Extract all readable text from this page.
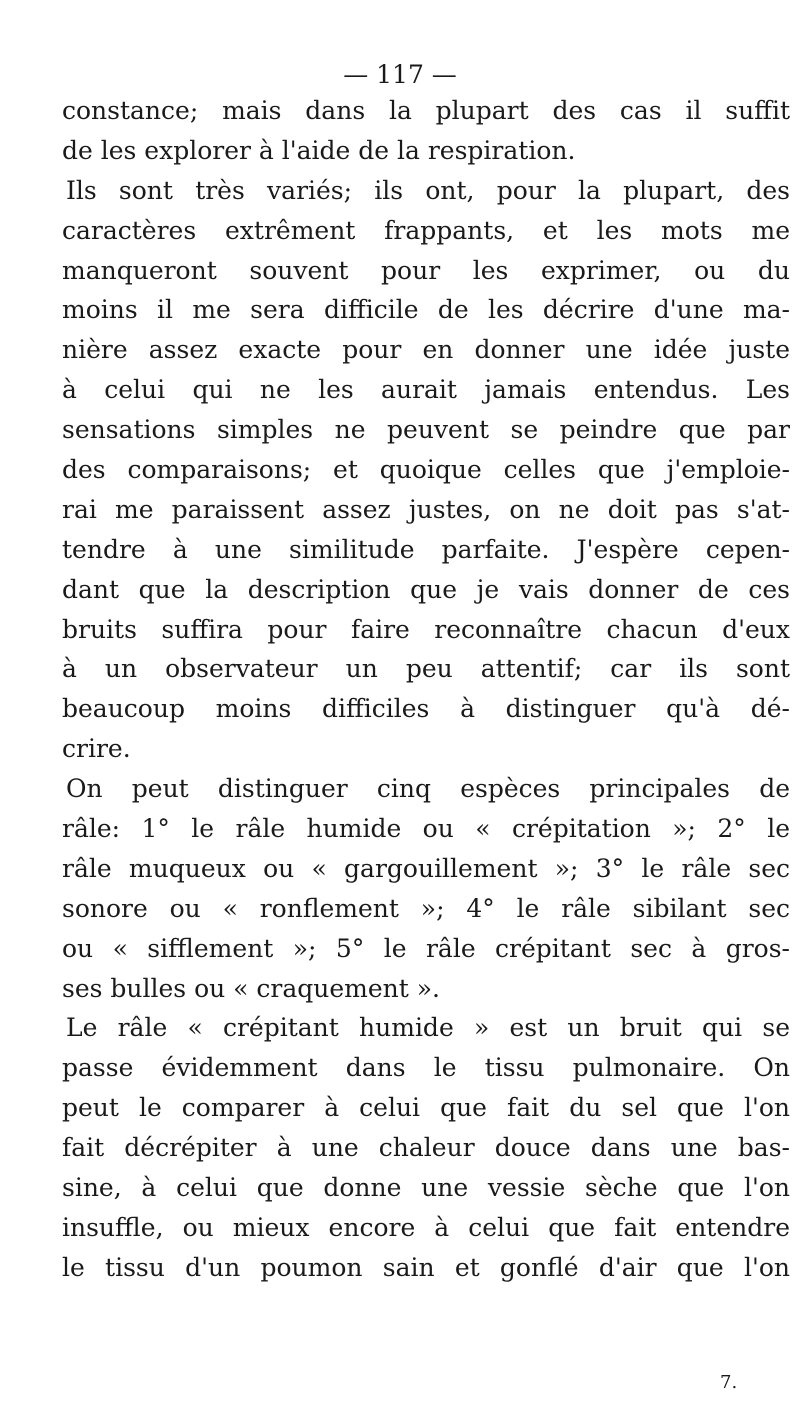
— 117 —
constance; mais dans la plupart des cas il suffit
de les explorer à l'aide de la respiration.
Ils sont très variés; ils ont, pour la plupart, des
caractères extrêment frappants, et les mots me
manqueront souvent pour les exprimer, ou du
moins il me sera difficile de les décrire d'une ma-
nière assez exacte pour en donner une idée juste
à celui qui ne les aurait jamais entendus. Les
sensations simples ne peuvent se peindre que par
des comparaisons; et quoique celles que j'emploie-
rai me paraissent assez justes, on ne doit pas s'at-
tendre à une similitude parfaite. J'espère cepen-
dant que la description que je vais donner de ces
bruits suffira pour faire reconnaître chacun d'eux
à un observateur un peu attentif; car ils sont
beaucoup moins difficiles à distinguer qu'à dé-
crire.
On peut distinguer cinq espèces principales de
râle: 1° le râle humide ou « crépitation »; 2° le
râle muqueux ou « gargouillement »; 3° le râle sec
sonore ou « ronflement »; 4° le râle sibilant sec
ou « sifflement »; 5° le râle crépitant sec à gros-
ses bulles ou « craquement ».
Le râle « crépitant humide » est un bruit qui se
passe évidemment dans le tissu pulmonaire. On
peut le comparer à celui que fait du sel que l'on
fait décrépiter à une chaleur douce dans une bas-
sine, à celui que donne une vessie sèche que l'on
insuffle, ou mieux encore à celui que fait entendre
le tissu d'un poumon sain et gonflé d'air que l'on
7.
